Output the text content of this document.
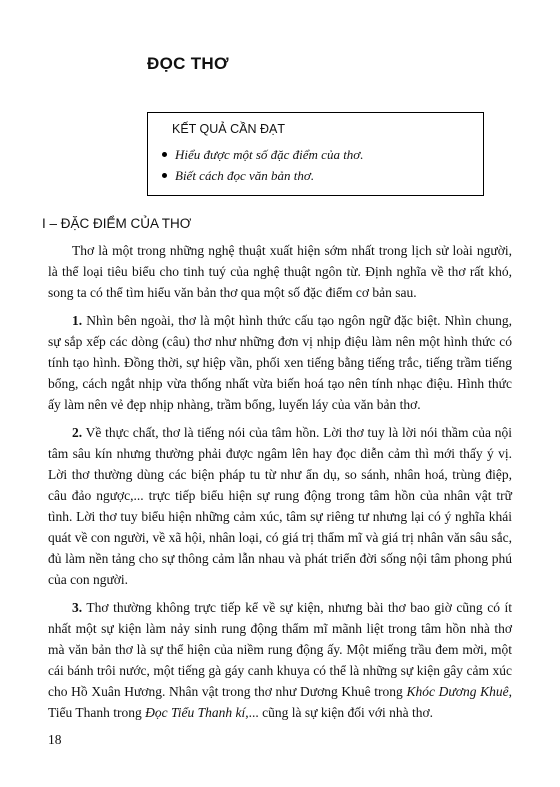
ĐỌC THƠ
KẾT QUẢ CẦN ĐẠT
Hiểu được một số đặc điểm của thơ.
Biết cách đọc văn bản thơ.
I – ĐẶC ĐIỂM CỦA THƠ

Thơ là một trong những nghệ thuật xuất hiện sớm nhất trong lịch sử loài người, là thể loại tiêu biểu cho tinh tuý của nghệ thuật ngôn từ. Định nghĩa về thơ rất khó, song ta có thể tìm hiểu văn bản thơ qua một số đặc điểm cơ bản sau.

1. Nhìn bên ngoài, thơ là một hình thức cấu tạo ngôn ngữ đặc biệt. Nhìn chung, sự sắp xếp các dòng (câu) thơ như những đơn vị nhịp điệu làm nên một hình thức có tính tạo hình. Đồng thời, sự hiệp vần, phối xen tiếng bằng tiếng trắc, tiếng trầm tiếng bổng, cách ngắt nhịp vừa thống nhất vừa biến hoá tạo nên tính nhạc điệu. Hình thức ấy làm nên vẻ đẹp nhịp nhàng, trầm bổng, luyến láy của văn bản thơ.

2. Về thực chất, thơ là tiếng nói của tâm hồn. Lời thơ tuy là lời nói thầm của nội tâm sâu kín nhưng thường phải được ngâm lên hay đọc diễn cảm thì mới thấy ý vị. Lời thơ thường dùng các biện pháp tu từ như ẩn dụ, so sánh, nhân hoá, trùng điệp, câu đảo ngược,... trực tiếp biểu hiện sự rung động trong tâm hồn của nhân vật trữ tình. Lời thơ tuy biểu hiện những cảm xúc, tâm sự riêng tư nhưng lại có ý nghĩa khái quát về con người, về xã hội, nhân loại, có giá trị thẩm mĩ và giá trị nhân văn sâu sắc, đủ làm nền tảng cho sự thông cảm lẫn nhau và phát triển đời sống nội tâm phong phú của con người.

3. Thơ thường không trực tiếp kể về sự kiện, nhưng bài thơ bao giờ cũng có ít nhất một sự kiện làm nảy sinh rung động thẩm mĩ mãnh liệt trong tâm hồn nhà thơ mà văn bản thơ là sự thể hiện của niềm rung động ấy. Một miếng trầu đem mời, một cái bánh trôi nước, một tiếng gà gáy canh khuya có thể là những sự kiện gây cảm xúc cho Hồ Xuân Hương. Nhân vật trong thơ như Dương Khuê trong Khóc Dương Khuê, Tiểu Thanh trong Đọc Tiểu Thanh kí,... cũng là sự kiện đối với nhà thơ.

18
